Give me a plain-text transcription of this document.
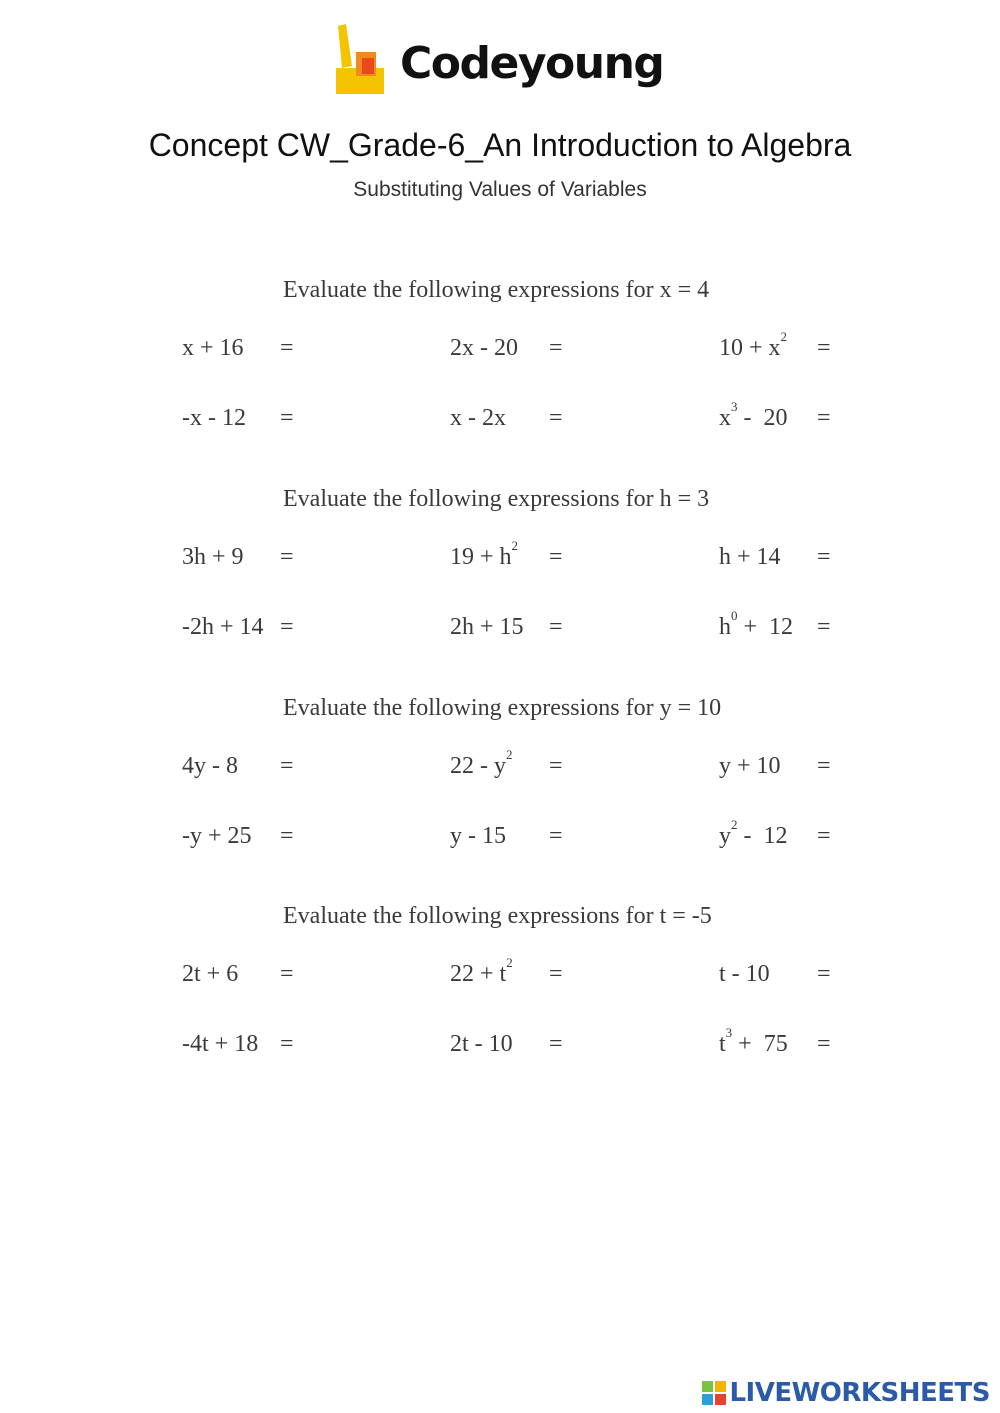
Codeyoung
Concept CW_Grade-6_An Introduction to Algebra
Substituting Values of Variables
Evaluate the following expressions for x = 4
x + 16 =	2x - 20 =	$10 + x^2$ =
-x - 12 =	x - 2x =	$x^3 - 20$ =
Evaluate the following expressions for h = 3
3h + 9 =	$19 + h^2$ =	h + 14 =
-2h + 14 =	2h + 15 =	$h^0 + 12$ =
Evaluate the following expressions for y = 10
4y - 8 =	$22 - y^2$ =	y + 10 =
-y + 25 =	y - 15 =	$y^2 - 12$ =
Evaluate the following expressions for t = -5
2t + 6 =	$22 + t^2$ =	t - 10 =
-4t + 18 =	2t - 10 =	$t^3 + 75$ =
LIVEWORKSHEETS
